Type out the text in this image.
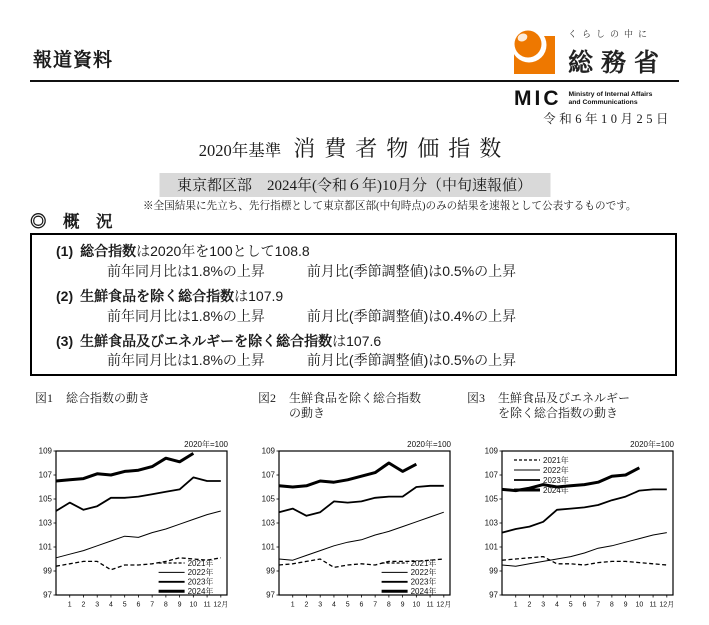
報道資料
くらしの中に
総務省
MIC Ministry of Internal Affairs
and Communications
令和6年10月25日
2020年基準 消費者物価指数
東京都区部　2024年(令和６年)10月分（中旬速報値）
※全国結果に先立ち、先行指標として東京都区部(中旬時点)のみの結果を速報として公表するものです。
◎　概　況
(1) 総合指数は2020年を100として108.8
前年同月比は1.8%の上昇	前月比(季節調整値)は0.5%の上昇
(2) 生鮮食品を除く総合指数は107.9
前年同月比は1.8%の上昇	前月比(季節調整値)は0.4%の上昇
(3) 生鮮食品及びエネルギーを除く総合指数は107.6
前年同月比は1.8%の上昇	前月比(季節調整値)は0.5%の上昇
図1 総合指数の動き	図2 生鮮食品を除く総合指数
の動き
図3 生鮮食品及びエネルギー
を除く総合指数の動き
2020年=100
97
99
101
103
105
107
109
1 2 3 4 5 6 7 8 9 10 11 12月
2021年
2022年
2023年
2024年
2020年=100
97
99
101
103
105
107
109
1 2 3 4 5 6 7 8 9 10 11 12月
2021年
2022年
2023年
2024年
2020年=100
97
99
101
103
105
107
109
1 2 3 4 5 6 7 8 9 10 11 12月
2021年
2022年
2023年
2024年
